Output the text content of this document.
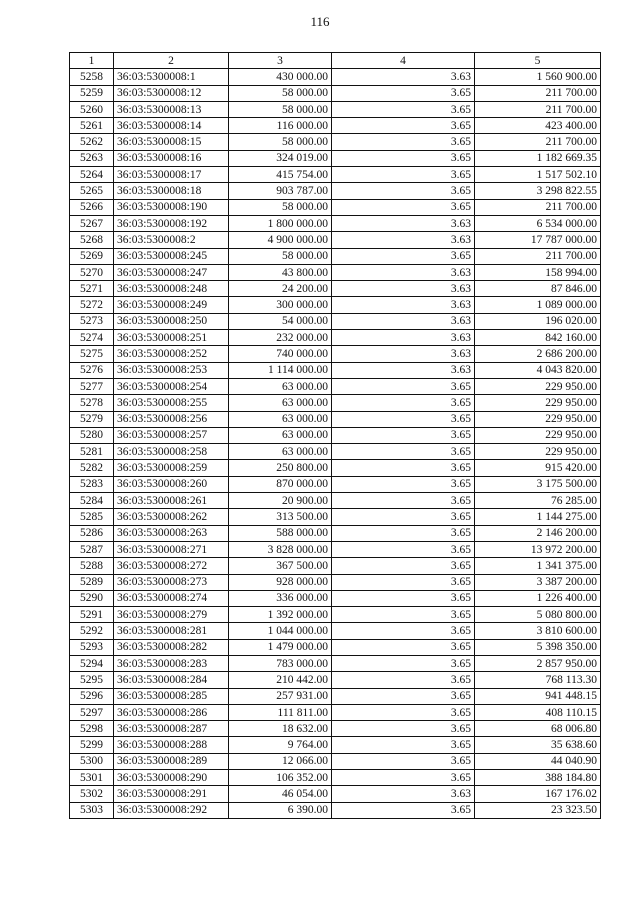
116
1	2	3	4	5
5258	36:03:5300008:1	430 000.00	3.63	1 560 900.00
5259	36:03:5300008:12	58 000.00	3.65	211 700.00
5260	36:03:5300008:13	58 000.00	3.65	211 700.00
5261	36:03:5300008:14	116 000.00	3.65	423 400.00
5262	36:03:5300008:15	58 000.00	3.65	211 700.00
5263	36:03:5300008:16	324 019.00	3.65	1 182 669.35
5264	36:03:5300008:17	415 754.00	3.65	1 517 502.10
5265	36:03:5300008:18	903 787.00	3.65	3 298 822.55
5266	36:03:5300008:190	58 000.00	3.65	211 700.00
5267	36:03:5300008:192	1 800 000.00	3.63	6 534 000.00
5268	36:03:5300008:2	4 900 000.00	3.63	17 787 000.00
5269	36:03:5300008:245	58 000.00	3.65	211 700.00
5270	36:03:5300008:247	43 800.00	3.63	158 994.00
5271	36:03:5300008:248	24 200.00	3.63	87 846.00
5272	36:03:5300008:249	300 000.00	3.63	1 089 000.00
5273	36:03:5300008:250	54 000.00	3.63	196 020.00
5274	36:03:5300008:251	232 000.00	3.63	842 160.00
5275	36:03:5300008:252	740 000.00	3.63	2 686 200.00
5276	36:03:5300008:253	1 114 000.00	3.63	4 043 820.00
5277	36:03:5300008:254	63 000.00	3.65	229 950.00
5278	36:03:5300008:255	63 000.00	3.65	229 950.00
5279	36:03:5300008:256	63 000.00	3.65	229 950.00
5280	36:03:5300008:257	63 000.00	3.65	229 950.00
5281	36:03:5300008:258	63 000.00	3.65	229 950.00
5282	36:03:5300008:259	250 800.00	3.65	915 420.00
5283	36:03:5300008:260	870 000.00	3.65	3 175 500.00
5284	36:03:5300008:261	20 900.00	3.65	76 285.00
5285	36:03:5300008:262	313 500.00	3.65	1 144 275.00
5286	36:03:5300008:263	588 000.00	3.65	2 146 200.00
5287	36:03:5300008:271	3 828 000.00	3.65	13 972 200.00
5288	36:03:5300008:272	367 500.00	3.65	1 341 375.00
5289	36:03:5300008:273	928 000.00	3.65	3 387 200.00
5290	36:03:5300008:274	336 000.00	3.65	1 226 400.00
5291	36:03:5300008:279	1 392 000.00	3.65	5 080 800.00
5292	36:03:5300008:281	1 044 000.00	3.65	3 810 600.00
5293	36:03:5300008:282	1 479 000.00	3.65	5 398 350.00
5294	36:03:5300008:283	783 000.00	3.65	2 857 950.00
5295	36:03:5300008:284	210 442.00	3.65	768 113.30
5296	36:03:5300008:285	257 931.00	3.65	941 448.15
5297	36:03:5300008:286	111 811.00	3.65	408 110.15
5298	36:03:5300008:287	18 632.00	3.65	68 006.80
5299	36:03:5300008:288	9 764.00	3.65	35 638.60
5300	36:03:5300008:289	12 066.00	3.65	44 040.90
5301	36:03:5300008:290	106 352.00	3.65	388 184.80
5302	36:03:5300008:291	46 054.00	3.63	167 176.02
5303	36:03:5300008:292	6 390.00	3.65	23 323.50
